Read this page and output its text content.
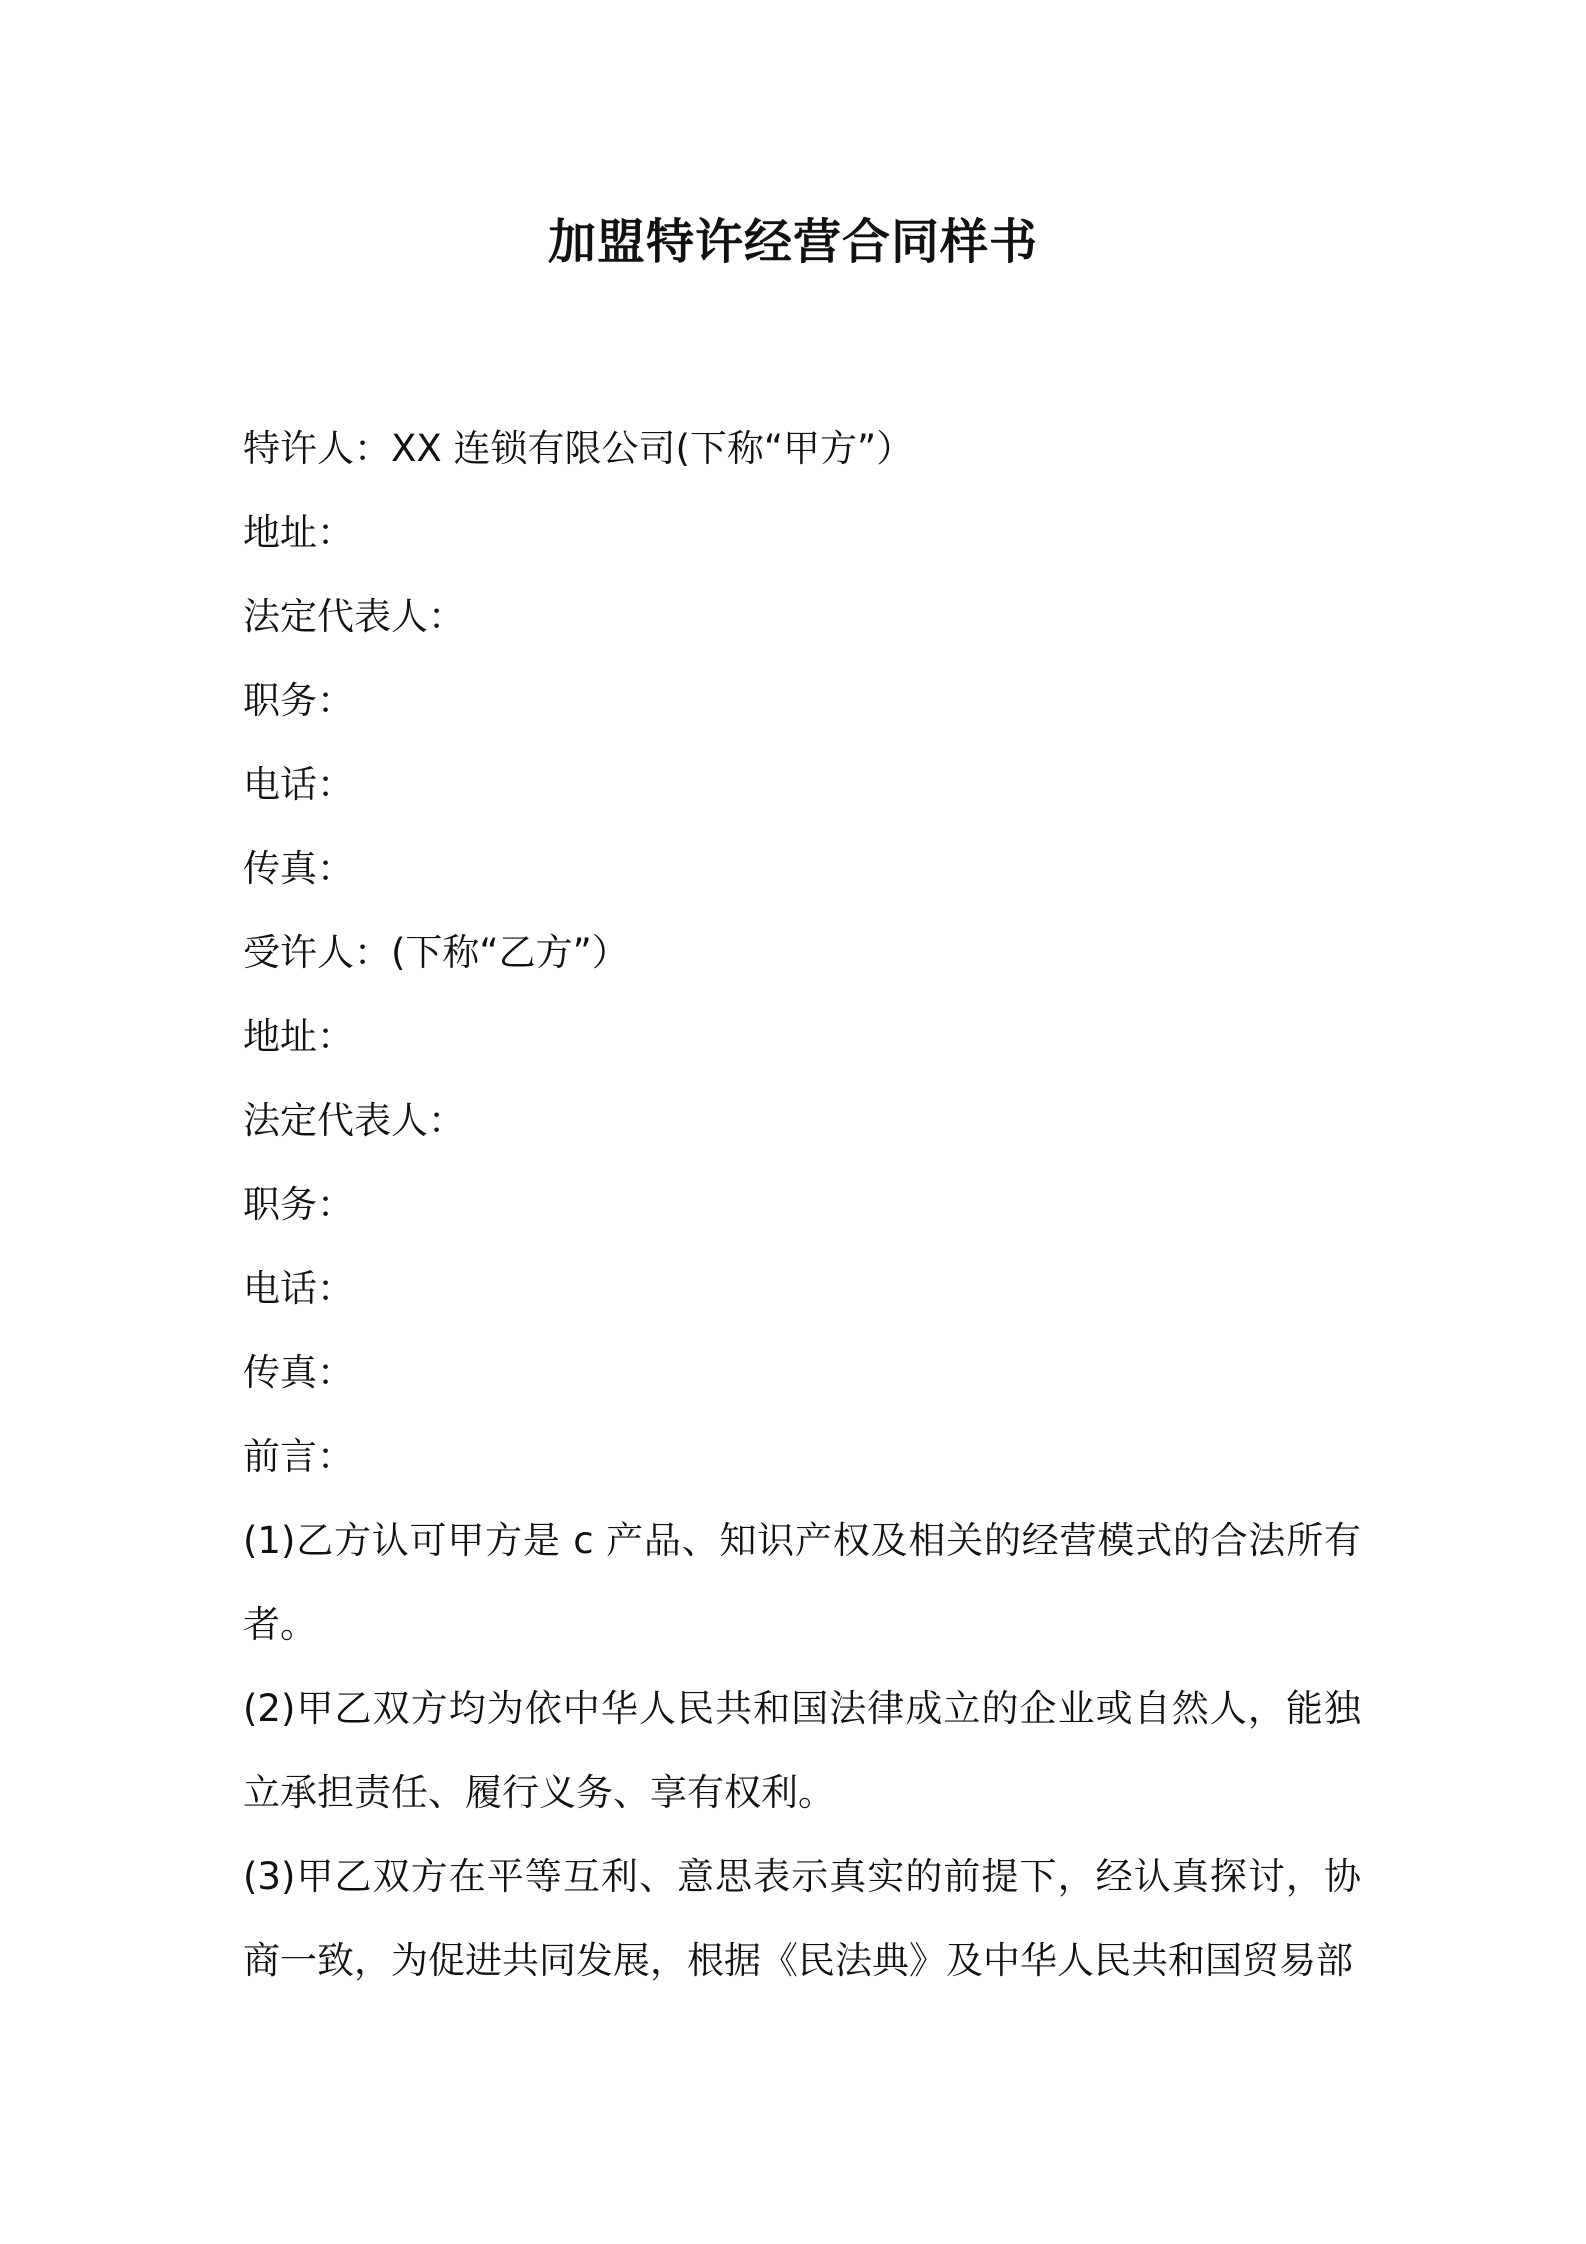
加盟特许经营合同样书
特许人：XX 连锁有限公司(下称“甲方”）
地址：
法定代表人：
职务：
电话：
传真：
受许人：(下称“乙方”）
地址：
法定代表人：
职务：
电话：
传真：
前言：
(1)乙方认可甲方是 c 产品、知识产权及相关的经营模式的合法所有者。
(2)甲乙双方均为依中华人民共和国法律成立的企业或自然人，能独立承担责任、履行义务、享有权利。
(3)甲乙双方在平等互利、意思表示真实的前提下，经认真探讨，协商一致，为促进共同发展，根据《民法典》及中华人民共和国贸易部
